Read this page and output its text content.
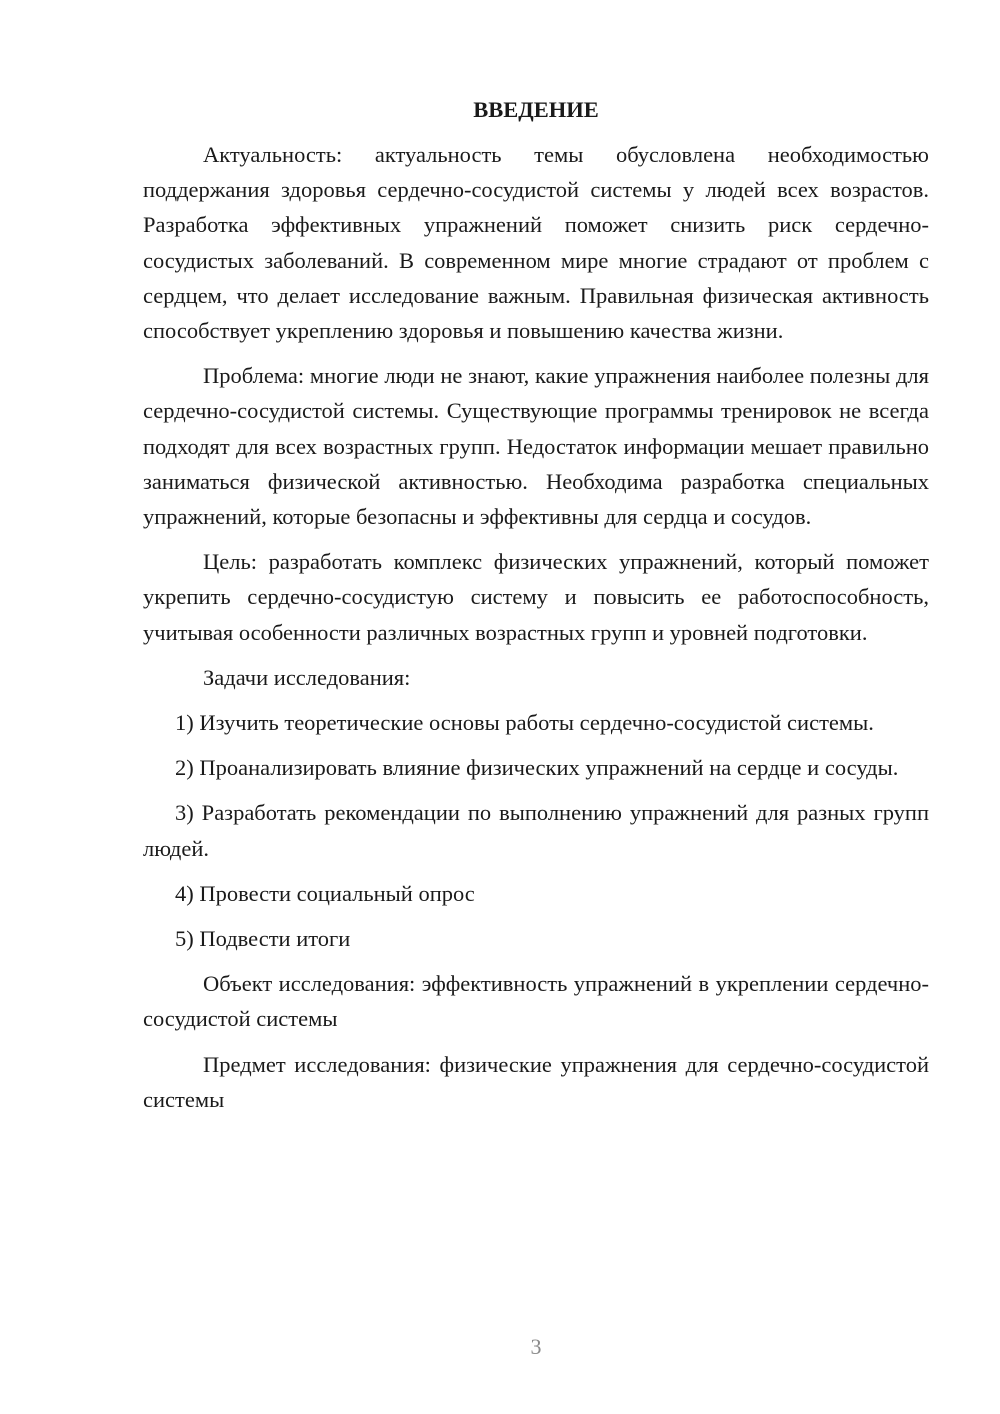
ВВЕДЕНИЕ

Актуальность: актуальность темы обусловлена необходимостью поддержания здоровья сердечно-сосудистой системы у людей всех возрастов. Разработка эффективных упражнений поможет снизить риск сердечно-сосудистых заболеваний. В современном мире многие страдают от проблем с сердцем, что делает исследование важным. Правильная физическая активность способствует укреплению здоровья и повышению качества жизни.

Проблема: многие люди не знают, какие упражнения наиболее полезны для сердечно-сосудистой системы. Существующие программы тренировок не всегда подходят для всех возрастных групп. Недостаток информации мешает правильно заниматься физической активностью. Необходима разработка специальных упражнений, которые безопасны и эффективны для сердца и сосудов.

Цель: разработать комплекс физических упражнений, который поможет укрепить сердечно-сосудистую систему и повысить ее работоспособность, учитывая особенности различных возрастных групп и уровней подготовки.

Задачи исследования:

1) Изучить теоретические основы работы сердечно-сосудистой системы.

2) Проанализировать влияние физических упражнений на сердце и сосуды.

3) Разработать рекомендации по выполнению упражнений для разных групп людей.

4) Провести социальный опрос

5) Подвести итоги

Объект исследования: эффективность упражнений в укреплении сердечно-сосудистой системы

Предмет исследования: физические упражнения для сердечно-сосудистой системы

3
